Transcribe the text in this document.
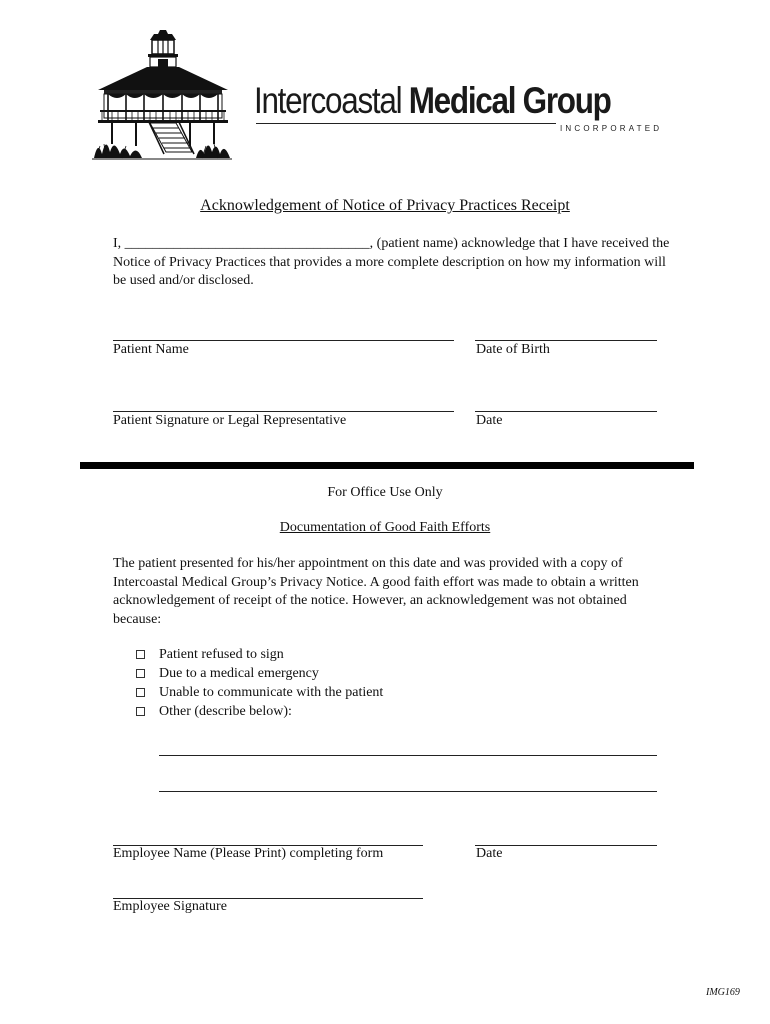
Intercoastal Medical Group
INCORPORATED
Acknowledgement of Notice of Privacy Practices Receipt
I, ___________________________________, (patient name) acknowledge that I have received the Notice of Privacy Practices that provides a more complete description on how my information will be used and/or disclosed.
Patient Name	Date of Birth
Patient Signature or Legal Representative	Date
For Office Use Only
Documentation of Good Faith Efforts
The patient presented for his/her appointment on this date and was provided with a copy of Intercoastal Medical Group’s Privacy Notice. A good faith effort was made to obtain a written acknowledgement of receipt of the notice. However, an acknowledgement was not obtained because:
Patient refused to sign
Due to a medical emergency
Unable to communicate with the patient
Other (describe below):
Employee Name (Please Print) completing form	Date
Employee Signature
IMG169
